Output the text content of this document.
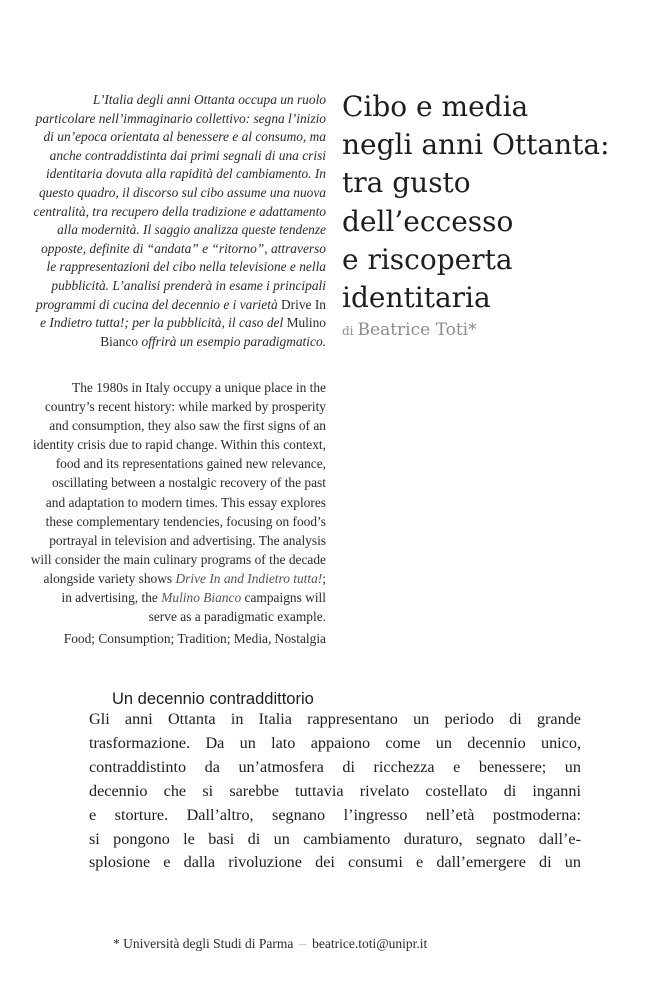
L’Italia degli anni Ottanta occupa un ruolo particolare nell’immaginario collettivo: segna l’inizio di un’epoca orientata al benessere e al consumo, ma anche contraddistinta dai primi segnali di una crisi identitaria dovuta alla rapidità del cambiamento. In questo quadro, il discorso sul cibo assume una nuova centralità, tra recupero della tradizione e adattamento alla modernità. Il saggio analizza queste tendenze opposte, definite di “andata” e “ritorno”, attraverso le rappresentazioni del cibo nella televisione e nella pubblicità. L’analisi prenderà in esame i principali programmi di cucina del decennio e i varietà Drive In e Indietro tutta!; per la pubblicità, il caso del Mulino Bianco offrirà un esempio paradigmatico.
The 1980s in Italy occupy a unique place in the country’s recent history: while marked by prosperity and consumption, they also saw the first signs of an identity crisis due to rapid change. Within this context, food and its representations gained new relevance, oscillating between a nostalgic recovery of the past and adaptation to modern times. This essay explores these complementary tendencies, focusing on food’s portrayal in television and advertising. The analysis will consider the main culinary programs of the decade alongside variety shows Drive In and Indietro tutta!; in advertising, the Mulino Bianco campaigns will serve as a paradigmatic example.
Food; Consumption; Tradition; Media, Nostalgia
Cibo e media
negli anni Ottanta:
tra gusto
dell’eccesso
e riscoperta
identitaria
di Beatrice Toti*
Un decennio contraddittorio
Gli anni Ottanta in Italia rappresentano un periodo di grande
trasformazione. Da un lato appaiono come un decennio unico,
contraddistinto da un’atmosfera di ricchezza e benessere; un
decennio che si sarebbe tuttavia rivelato costellato di inganni
e storture. Dall’altro, segnano l’ingresso nell’età postmoderna:
si pongono le basi di un cambiamento duraturo, segnato dall’e-
splosione e dalla rivoluzione dei consumi e dall’emergere di un
* Università degli Studi di Parma – beatrice.toti@unipr.it
